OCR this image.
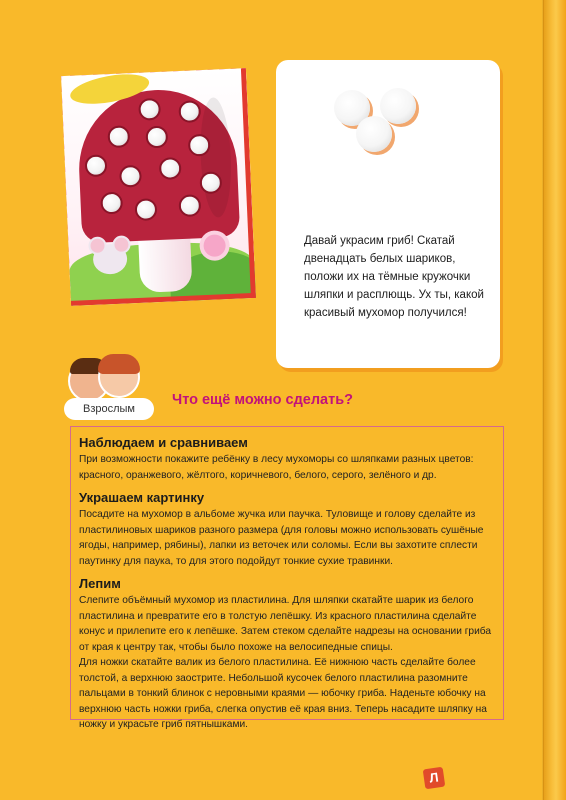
Давай украсим гриб! Скатай двенадцать белых шариков, положи их на тёмные кружочки шляпки и расплющь. Ух ты, какой красивый мухомор получился!
Взрослым
Что ещё можно сделать?
Наблюдаем и сравниваем
При возможности покажите ребёнку в лесу мухоморы со шляпками разных цветов: красного, оранжевого, жёлтого, коричневого, белого, серого, зелёного и др.
Украшаем картинку
Посадите на мухомор в альбоме жучка или паучка. Туловище и голову сделайте из пластилиновых шариков разного размера (для головы можно использовать сушёные ягоды, например, рябины), лапки из веточек или соломы. Если вы захотите сплести паутинку для паука, то для этого подойдут тонкие сухие травинки.
Лепим
Слепите объёмный мухомор из пластилина. Для шляпки скатайте шарик из белого пластилина и превратите его в толстую лепёшку. Из красного пластилина сделайте конус и прилепите его к лепёшке. Затем стеком сделайте надрезы на основании гриба от края к центру так, чтобы было похоже на велосипедные спицы.
Для ножки скатайте валик из белого пластилина. Её нижнюю часть сделайте более толстой, а верхнюю заострите. Небольшой кусочек белого пластилина разомните пальцами в тонкий блинок с неровными краями — юбочку гриба. Наденьте юбочку на верхнюю часть ножки гриба, слегка опустив её края вниз. Теперь насадите шляпку на ножку и украсьте гриб пятнышками.
Л
